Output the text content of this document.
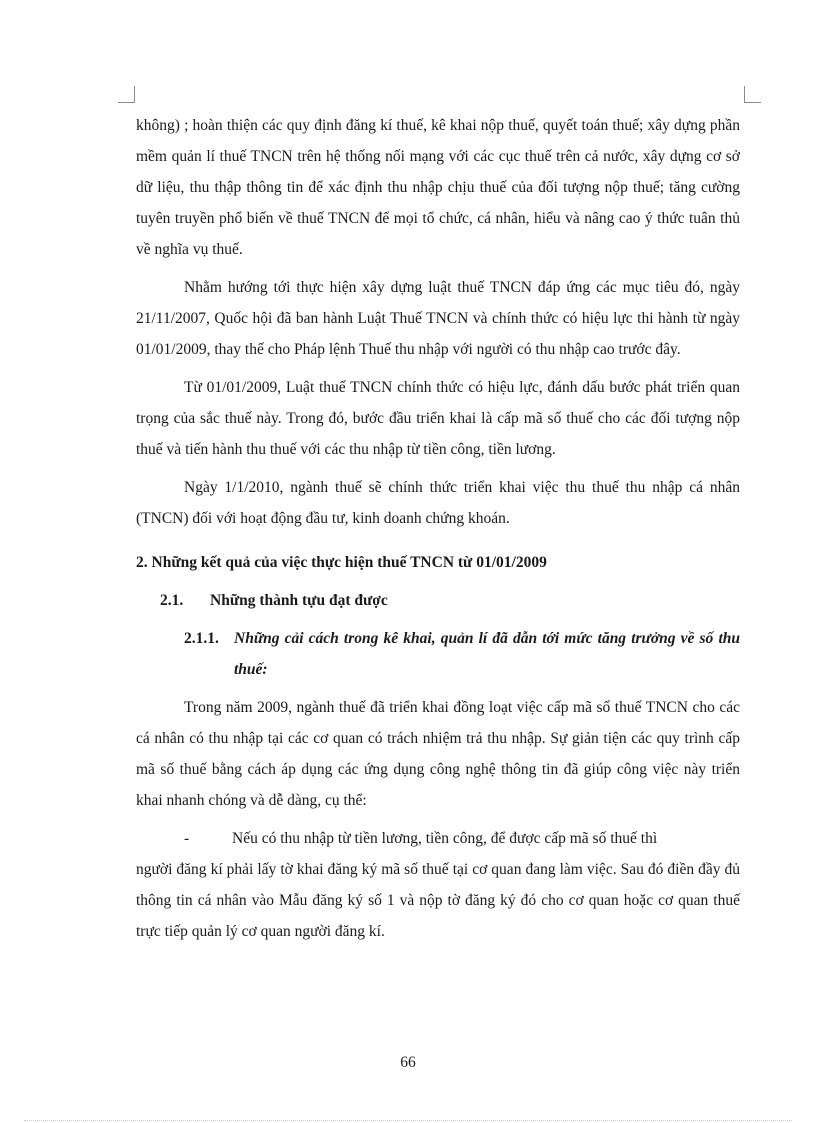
không) ; hoàn thiện các quy định đăng kí thuế, kê khai nộp thuế, quyết toán thuế; xây dựng phần mềm quản lí thuế TNCN trên hệ thống nối mạng với các cục thuế trên cả nước, xây dựng cơ sở dữ liệu, thu thập thông tin để xác định thu nhập chịu thuế của đối tượng nộp thuế; tăng cường tuyên truyền phổ biến về thuế TNCN để mọi tổ chức, cá nhân, hiểu và nâng cao ý thức tuân thủ về nghĩa vụ thuế.

Nhằm hướng tới thực hiện xây dựng luật thuế TNCN đáp ứng các mục tiêu đó, ngày 21/11/2007, Quốc hội đã ban hành Luật Thuế TNCN và chính thức có hiệu lực thi hành từ ngày 01/01/2009, thay thế cho Pháp lệnh Thuế thu nhập với người có thu nhập cao trước đây.

Từ 01/01/2009, Luật thuế TNCN chính thức có hiệu lực, đánh dấu bước phát triển quan trọng của sắc thuế này. Trong đó, bước đầu triển khai là cấp mã số thuế cho các đối tượng nộp thuế và tiến hành thu thuế với các thu nhập từ tiền công, tiền lương.

Ngày 1/1/2010, ngành thuế sẽ chính thức triển khai việc thu thuế thu nhập cá nhân (TNCN) đối với hoạt động đầu tư, kinh doanh chứng khoán.

2. Những kết quả của việc thực hiện thuế TNCN từ 01/01/2009
2.1.	Những thành tựu đạt được
2.1.1. Những cải cách trong kê khai, quản lí đã dẫn tới mức tăng trưởng về số thu thuế:

Trong năm 2009, ngành thuế đã triển khai đồng loạt việc cấp mã số thuế TNCN cho các cá nhân có thu nhập tại các cơ quan có trách nhiệm trả thu nhập. Sự giản tiện các quy trình cấp mã số thuế bằng cách áp dụng các ứng dụng công nghệ thông tin đã giúp công việc này triển khai nhanh chóng và dễ dàng, cụ thể:

-	Nếu có thu nhập từ tiền lương, tiền công, để được cấp mã số thuế thì

người đăng kí phải lấy tờ khai đăng ký mã số thuế tại cơ quan đang làm việc. Sau đó điền đầy đủ thông tin cá nhân vào Mẫu đăng ký số 1 và nộp tờ đăng ký đó cho cơ quan hoặc cơ quan thuế trực tiếp quản lý cơ quan người đăng kí.

66
